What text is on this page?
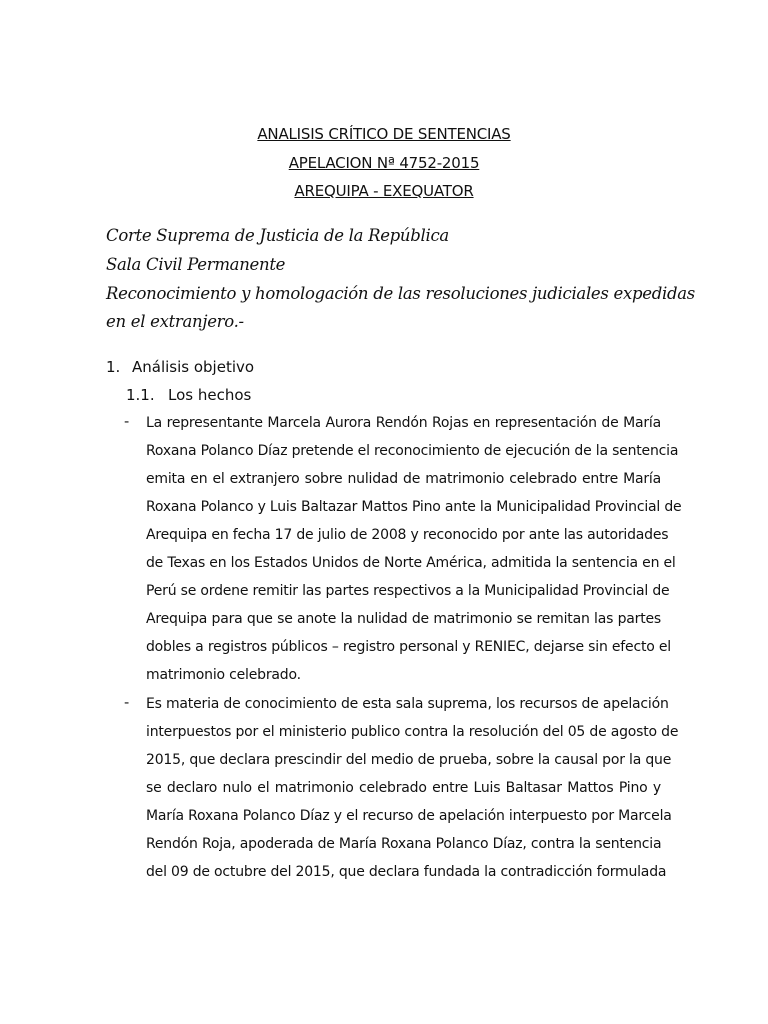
ANALISIS CRÍTICO DE SENTENCIAS
APELACION Nª 4752-2015
AREQUIPA - EXEQUATOR
Corte Suprema de Justicia de la República
Sala Civil Permanente
Reconocimiento y homologación de las resoluciones judiciales expedidas
en el extranjero.-
1. Análisis objetivo
1.1. Los hechos
- La representante Marcela Aurora Rendón Rojas en representación de María
Roxana Polanco Díaz pretende el reconocimiento de ejecución de la sentencia
emita en el extranjero sobre nulidad de matrimonio celebrado entre María
Roxana Polanco y Luis Baltazar Mattos Pino ante la Municipalidad Provincial de
Arequipa en fecha 17 de julio de 2008 y reconocido por ante las autoridades
de Texas en los Estados Unidos de Norte América, admitida la sentencia en el
Perú se ordene remitir las partes respectivos a la Municipalidad Provincial de
Arequipa para que se anote la nulidad de matrimonio se remitan las partes
dobles a registros públicos – registro personal y RENIEC, dejarse sin efecto el
matrimonio celebrado.
- Es materia de conocimiento de esta sala suprema, los recursos de apelación
interpuestos por el ministerio publico contra la resolución del 05 de agosto de
2015, que declara prescindir del medio de prueba, sobre la causal por la que
se declaro nulo el matrimonio celebrado entre Luis Baltasar Mattos Pino y
María Roxana Polanco Díaz y el recurso de apelación interpuesto por Marcela
Rendón Roja, apoderada de María Roxana Polanco Díaz, contra la sentencia
del 09 de octubre del 2015, que declara fundada la contradicción formulada
